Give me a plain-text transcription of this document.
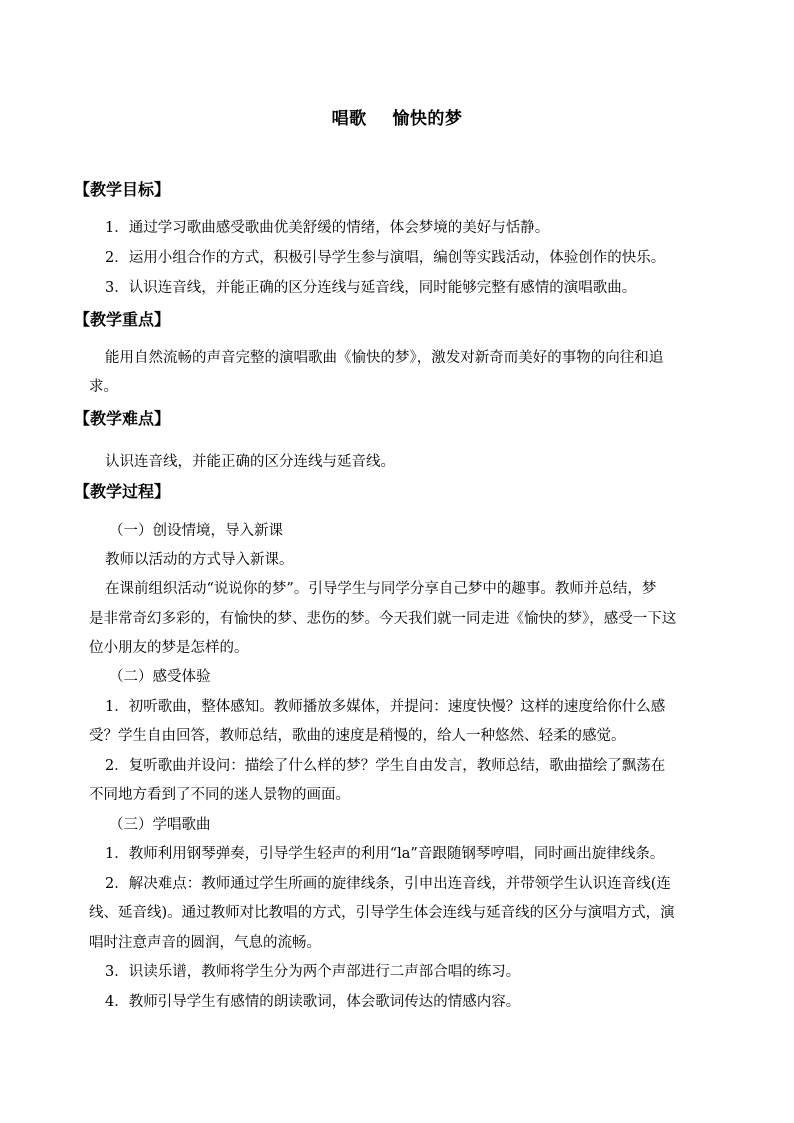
唱歌    愉快的梦
【教学目标】
1．通过学习歌曲感受歌曲优美舒缓的情绪，体会梦境的美好与恬静。
2．运用小组合作的方式，积极引导学生参与演唱，编创等实践活动，体验创作的快乐。
3．认识连音线，并能正确的区分连线与延音线，同时能够完整有感情的演唱歌曲。
【教学重点】
能用自然流畅的声音完整的演唱歌曲《愉快的梦》，激发对新奇而美好的事物的向往和追
求。
【教学难点】
认识连音线，并能正确的区分连线与延音线。
【教学过程】
（一）创设情境，导入新课
教师以活动的方式导入新课。
在课前组织活动“说说你的梦”。引导学生与同学分享自己梦中的趣事。教师并总结，梦
是非常奇幻多彩的，有愉快的梦、悲伤的梦。今天我们就一同走进《愉快的梦》，感受一下这
位小朋友的梦是怎样的。
（二）感受体验
1．初听歌曲，整体感知。教师播放多媒体，并提问：速度快慢？这样的速度给你什么感
受？学生自由回答，教师总结，歌曲的速度是稍慢的，给人一种悠然、轻柔的感觉。
2．复听歌曲并设问：描绘了什么样的梦？学生自由发言，教师总结，歌曲描绘了飘荡在
不同地方看到了不同的迷人景物的画面。
（三）学唱歌曲
1．教师利用钢琴弹奏，引导学生轻声的利用“la”音跟随钢琴哼唱，同时画出旋律线条。
2．解决难点：教师通过学生所画的旋律线条，引申出连音线，并带领学生认识连音线(连
线、延音线)。通过教师对比教唱的方式，引导学生体会连线与延音线的区分与演唱方式，演
唱时注意声音的圆润，气息的流畅。
3．识读乐谱，教师将学生分为两个声部进行二声部合唱的练习。
4．教师引导学生有感情的朗读歌词，体会歌词传达的情感内容。
